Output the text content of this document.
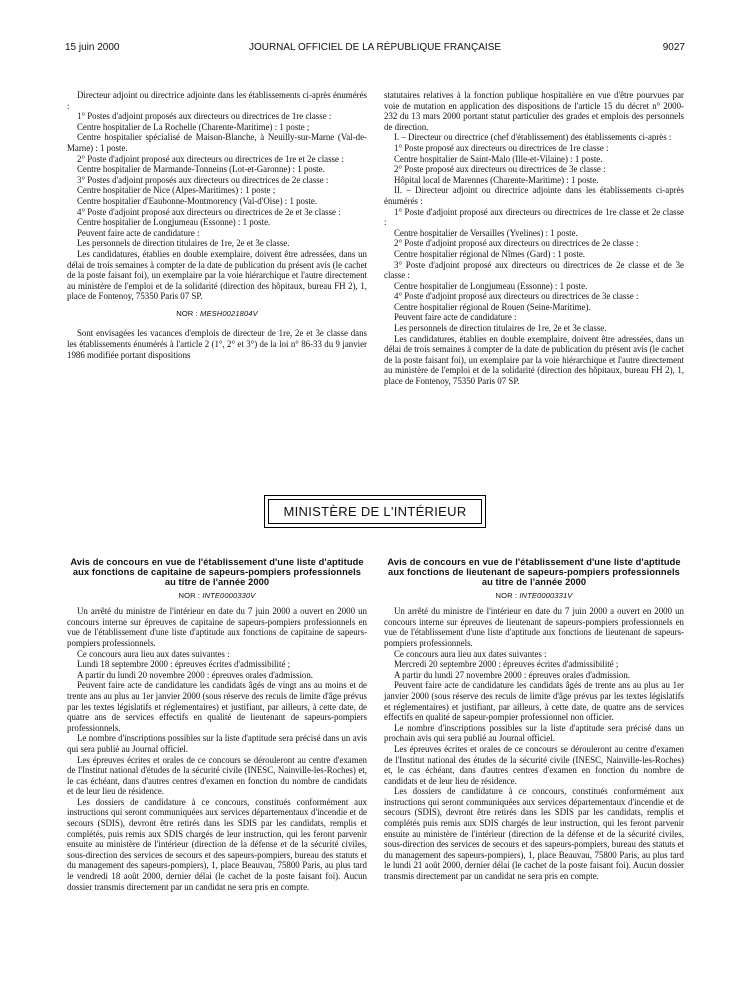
15 juin 2000	JOURNAL OFFICIEL DE LA RÉPUBLIQUE FRANÇAISE	9027

Directeur adjoint ou directrice adjointe dans les établissements ci-après énumérés :

1° Postes d'adjoint proposés aux directeurs ou directrices de 1re classe :

Centre hospitalier de La Rochelle (Charente-Maritime) : 1 poste ;

Centre hospitalier spécialisé de Maison-Blanche, à Neuilly-sur-Marne (Val-de-Marne) : 1 poste.

2° Poste d'adjoint proposé aux directeurs ou directrices de 1re et 2e classe :

Centre hospitalier de Marmande-Tonneins (Lot-et-Garonne) : 1 poste.

3° Postes d'adjoint proposés aux directeurs ou directrices de 2e classe :

Centre hospitalier de Nice (Alpes-Maritimes) : 1 poste ;

Centre hospitalier d'Eaubonne-Montmorency (Val-d'Oise) : 1 poste.

4° Poste d'adjoint proposé aux directeurs ou directrices de 2e et 3e classe :

Centre hospitalier de Longjumeau (Essonne) : 1 poste.

Peuvent faire acte de candidature :

Les personnels de direction titulaires de 1re, 2e et 3e classe.

Les candidatures, établies en double exemplaire, doivent être adressées, dans un délai de trois semaines à compter de la date de publication du présent avis (le cachet de la poste faisant foi), un exemplaire par la voie hiérarchique et l'autre directement au ministère de l'emploi et de la solidarité (direction des hôpitaux, bureau FH 2), 1, place de Fontenoy, 75350 Paris 07 SP.

NOR : MESH0021804V

Sont envisagées les vacances d'emplois de directeur de 1re, 2e et 3e classe dans les établissements énumérés à l'article 2 (1°, 2° et 3°) de la loi n° 86-33 du 9 janvier 1986 modifiée portant dispositions

statutaires relatives à la fonction publique hospitalière en vue d'être pourvues par voie de mutation en application des dispositions de l'article 15 du décret n° 2000-232 du 13 mars 2000 portant statut particulier des grades et emplois des personnels de direction.

I. – Directeur ou directrice (chef d'établissement) des établissements ci-après :

1° Poste proposé aux directeurs ou directrices de 1re classe :

Centre hospitalier de Saint-Malo (Ille-et-Vilaine) : 1 poste.

2° Poste proposé aux directeurs ou directrices de 3e classe :

Hôpital local de Marennes (Charente-Maritime) : 1 poste.

II. – Directeur adjoint ou directrice adjointe dans les établissements ci-après énumérés :

1° Poste d'adjoint proposé aux directeurs ou directrices de 1re classe et 2e classe :

Centre hospitalier de Versailles (Yvelines) : 1 poste.

2° Poste d'adjoint proposé aux directeurs ou directrices de 2e classe :

Centre hospitalier régional de Nîmes (Gard) : 1 poste.

3° Poste d'adjoint proposé aux directeurs ou directrices de 2e classe et de 3e classe :

Centre hospitalier de Longjumeau (Essonne) : 1 poste.

4° Poste d'adjoint proposé aux directeurs ou directrices de 3e classe :

Centre hospitalier régional de Rouen (Seine-Maritime).

Peuvent faire acte de candidature :

Les personnels de direction titulaires de 1re, 2e et 3e classe.

Les candidatures, établies en double exemplaire, doivent être adressées, dans un délai de trois semaines à compter de la date de publication du présent avis (le cachet de la poste faisant foi), un exemplaire par la voie hiérarchique et l'autre directement au ministère de l'emploi et de la solidarité (direction des hôpitaux, bureau FH 2), 1, place de Fontenoy, 75350 Paris 07 SP.

MINISTÈRE DE L'INTÉRIEUR
Avis de concours en vue de l'établissement d'une liste d'aptitude aux fonctions de capitaine de sapeurs-pompiers professionnels au titre de l'année 2000

NOR : INTE0000330V

Un arrêté du ministre de l'intérieur en date du 7 juin 2000 a ouvert en 2000 un concours interne sur épreuves de capitaine de sapeurs-pompiers professionnels en vue de l'établissement d'une liste d'aptitude aux fonctions de capitaine de sapeurs-pompiers professionnels.

Ce concours aura lieu aux dates suivantes :

Lundi 18 septembre 2000 : épreuves écrites d'admissibilité ;

A partir du lundi 20 novembre 2000 : épreuves orales d'admission.

Peuvent faire acte de candidature les candidats âgés de vingt ans au moins et de trente ans au plus au 1er janvier 2000 (sous réserve des reculs de limite d'âge prévus par les textes législatifs et réglementaires) et justifiant, par ailleurs, à cette date, de quatre ans de services effectifs en qualité de lieutenant de sapeurs-pompiers professionnels.

Le nombre d'inscriptions possibles sur la liste d'aptitude sera précisé dans un avis qui sera publié au Journal officiel.

Les épreuves écrites et orales de ce concours se dérouleront au centre d'examen de l'Institut national d'études de la sécurité civile (INESC, Nainville-les-Roches) et, le cas échéant, dans d'autres centres d'examen en fonction du nombre de candidats et de leur lieu de résidence.

Les dossiers de candidature à ce concours, constitués conformément aux instructions qui seront communiquées aux services départementaux d'incendie et de secours (SDIS), devront être retirés dans les SDIS par les candidats, remplis et complétés, puis remis aux SDIS chargés de leur instruction, qui les feront parvenir ensuite au ministère de l'intérieur (direction de la défense et de la sécurité civiles, sous-direction des services de secours et des sapeurs-pompiers, bureau des statuts et du management des sapeurs-pompiers), 1, place Beauvau, 75800 Paris, au plus tard le vendredi 18 août 2000, dernier délai (le cachet de la poste faisant foi). Aucun dossier transmis directement par un candidat ne sera pris en compte.

Avis de concours en vue de l'établissement d'une liste d'aptitude aux fonctions de lieutenant de sapeurs-pompiers professionnels au titre de l'année 2000

NOR : INTE0000331V

Un arrêté du ministre de l'intérieur en date du 7 juin 2000 a ouvert en 2000 un concours interne sur épreuves de lieutenant de sapeurs-pompiers professionnels en vue de l'établissement d'une liste d'aptitude aux fonctions de lieutenant de sapeurs-pompiers professionnels.

Ce concours aura lieu aux dates suivantes :

Mercredi 20 septembre 2000 : épreuves écrites d'admissibilité ;

A partir du lundi 27 novembre 2000 : épreuves orales d'admission.

Peuvent faire acte de candidature les candidats âgés de trente ans au plus au 1er janvier 2000 (sous réserve des reculs de limite d'âge prévus par les textes législatifs et réglementaires) et justifiant, par ailleurs, à cette date, de quatre ans de services effectifs en qualité de sapeur-pompier professionnel non officier.

Le nombre d'inscriptions possibles sur la liste d'aptitude sera précisé dans un prochain avis qui sera publié au Journal officiel.

Les épreuves écrites et orales de ce concours se dérouleront au centre d'examen de l'Institut national des études de la sécurité civile (INESC, Nainville-les-Roches) et, le cas échéant, dans d'autres centres d'examen en fonction du nombre de candidats et de leur lieu de résidence.

Les dossiers de candidature à ce concours, constitués conformément aux instructions qui seront communiquées aux services départementaux d'incendie et de secours (SDIS), devront être retirés dans les SDIS par les candidats, remplis et complétés puis remis aux SDIS chargés de leur instruction, qui les feront parvenir ensuite au ministère de l'intérieur (direction de la défense et de la sécurité civiles, sous-direction des services de secours et des sapeurs-pompiers, bureau des statuts et du management des sapeurs-pompiers), 1, place Beauvau, 75800 Paris, au plus tard le lundi 21 août 2000, dernier délai (le cachet de la poste faisant foi). Aucun dossier transmis directement par un candidat ne sera pris en compte.
